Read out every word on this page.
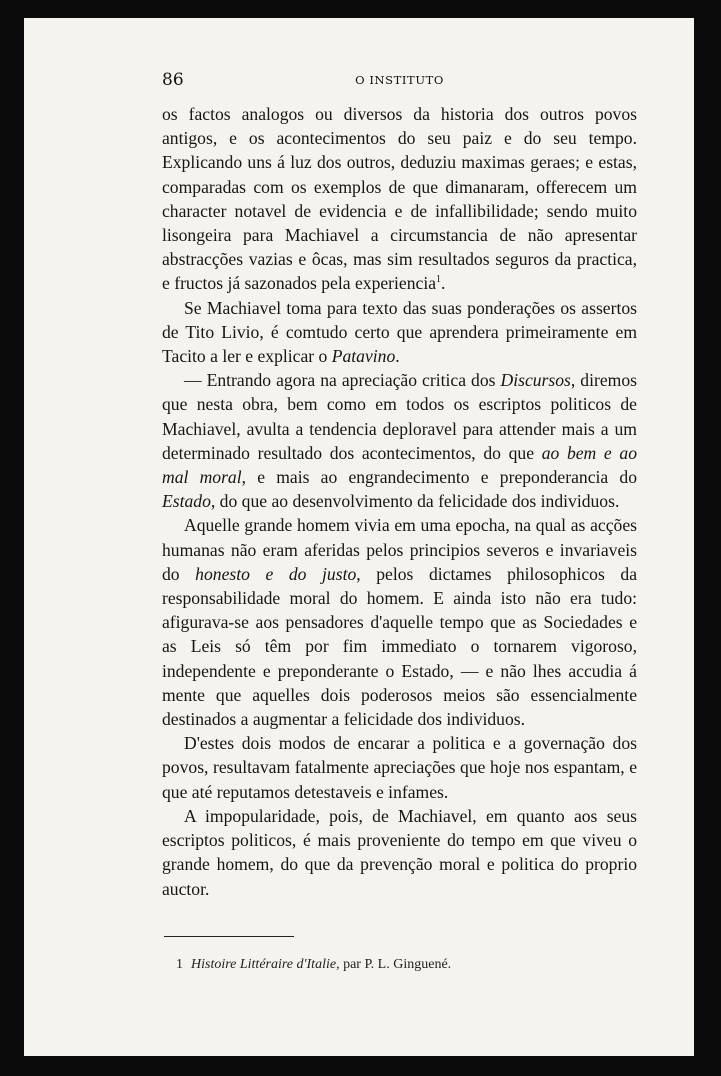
86	O INSTITUTO

os factos analogos ou diversos da historia dos outros povos antigos, e os acontecimentos do seu paiz e do seu tempo. Explicando uns á luz dos outros, deduziu maximas geraes; e estas, comparadas com os exemplos de que dimanaram, offerecem um character notavel de evidencia e de infallibilidade; sendo muito lisongeira para Machiavel a circumstancia de não apresentar abstracções vazias e ôcas, mas sim resultados seguros da practica, e fructos já sazonados pela experiencia$^1$.

Se Machiavel toma para texto das suas ponderações os assertos de Tito Livio, é comtudo certo que aprendera primeiramente em Tacito a ler e explicar o Patavino.

— Entrando agora na apreciação critica dos Discursos, diremos que nesta obra, bem como em todos os escriptos politicos de Machiavel, avulta a tendencia deploravel para attender mais a um determinado resultado dos acontecimentos, do que ao bem e ao mal moral, e mais ao engrandecimento e preponderancia do Estado, do que ao desenvolvimento da felicidade dos individuos.

Aquelle grande homem vivia em uma epocha, na qual as acções humanas não eram aferidas pelos principios severos e invariaveis do honesto e do justo, pelos dictames philosophicos da responsabilidade moral do homem. E ainda isto não era tudo: afigurava-se aos pensadores d'aquelle tempo que as Sociedades e as Leis só têm por fim immediato o tornarem vigoroso, independente e preponderante o Estado, — e não lhes accudia á mente que aquelles dois poderosos meios são essencialmente destinados a augmentar a felicidade dos individuos.

D'estes dois modos de encarar a politica e a governação dos povos, resultavam fatalmente apreciações que hoje nos espantam, e que até reputamos detestaveis e infames.

A impopularidade, pois, de Machiavel, em quanto aos seus escriptos politicos, é mais proveniente do tempo em que viveu o grande homem, do que da prevenção moral e politica do proprio auctor.

1 Histoire Littéraire d'Italie, par P. L. Ginguené.
